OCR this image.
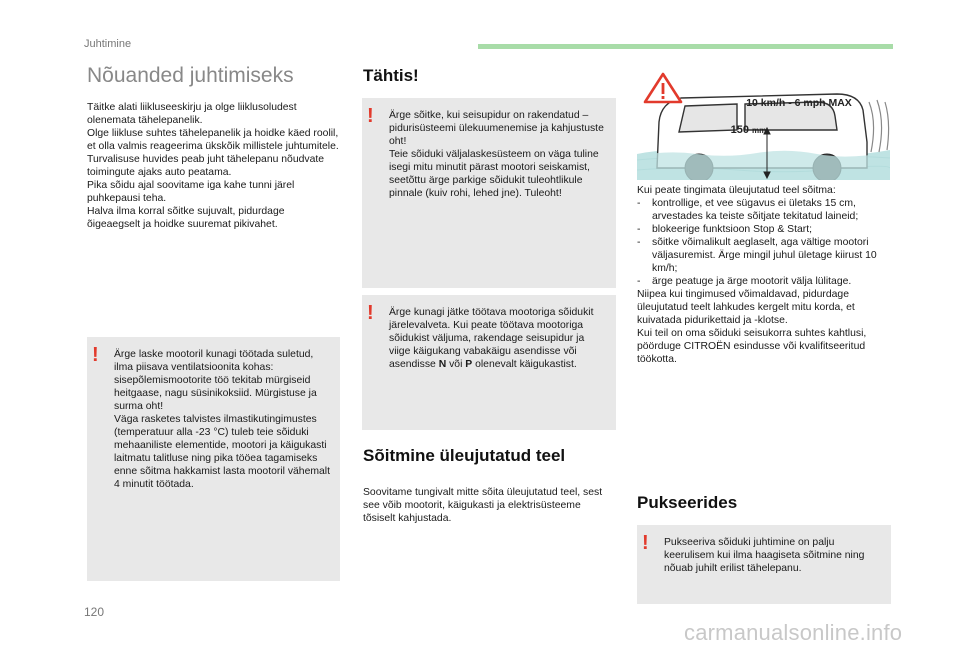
Juhtimine
Nõuanded juhtimiseks

Täitke alati liikluseeskirju ja olge liiklusoludest olenemata tähelepanelik.
Olge liikluse suhtes tähelepanelik ja hoidke käed roolil, et olla valmis reageerima ükskõik millistele juhtumitele.
Turvalisuse huvides peab juht tähelepanu nõudvate toimingute ajaks auto peatama.
Pika sõidu ajal soovitame iga kahe tunni järel puhkepausi teha.
Halva ilma korral sõitke sujuvalt, pidurdage õigeaegselt ja hoidke suuremat pikivahet.

! Ärge laske mootoril kunagi töötada suletud, ilma piisava ventilatsioonita kohas: sisepõlemismootorite töö tekitab mürgiseid heitgaase, nagu süsinikoksiid. Mürgistuse ja surma oht!
Väga rasketes talvistes ilmastikutingimustes (temperatuur alla -23 °C) tuleb teie sõiduki mehaaniliste elementide, mootori ja käigukasti laitmatu talitluse ning pika tööea tagamiseks enne sõitma hakkamist lasta mootoril vähemalt 4 minutit töötada.
Tähtis!
! Ärge sõitke, kui seisupidur on rakendatud – pidurisüsteemi ülekuumenemise ja kahjustuste oht!
Teie sõiduki väljalaskesüsteem on väga tuline isegi mitu minutit pärast mootori seiskamist, seetõttu ärge parkige sõidukit tuleohtlikule pinnale (kuiv rohi, lehed jne). Tuleoht!
! Ärge kunagi jätke töötava mootoriga sõidukit järelevalveta. Kui peate töötava mootoriga sõidukist väljuma, rakendage seisupidur ja viige käigukang vabakäigu asendisse või asendisse N või P olenevalt käigukastist.
Sõitmine üleujutatud teel

Soovitame tungivalt mitte sõita üleujutatud teel, sest see võib mootorit, käigukasti ja elektrisüsteeme tõsiselt kahjustada.

10 km/h - 6 mph MAX
150 mm

Kui peate tingimata üleujutatud teel sõitma:

- kontrollige, et vee sügavus ei ületaks 15 cm, arvestades ka teiste sõitjate tekitatud laineid;
- blokeerige funktsioon Stop & Start;
- sõitke võimalikult aeglaselt, aga vältige mootori väljasuremist. Ärge mingil juhul ületage kiirust 10 km/h;
- ärge peatuge ja ärge mootorit välja lülitage.

Niipea kui tingimused võimaldavad, pidurdage üleujutatud teelt lahkudes kergelt mitu korda, et kuivatada pidurikettaid ja -klotse.
Kui teil on oma sõiduki seisukorra suhtes kahtlusi, pöörduge CITROËN esindusse või kvalifitseeritud töökotta.

Pukseerides
! Pukseeriva sõiduki juhtimine on palju keerulisem kui ilma haagiseta sõitmine ning nõuab juhilt erilist tähelepanu.
120
carmanualsonline.info
